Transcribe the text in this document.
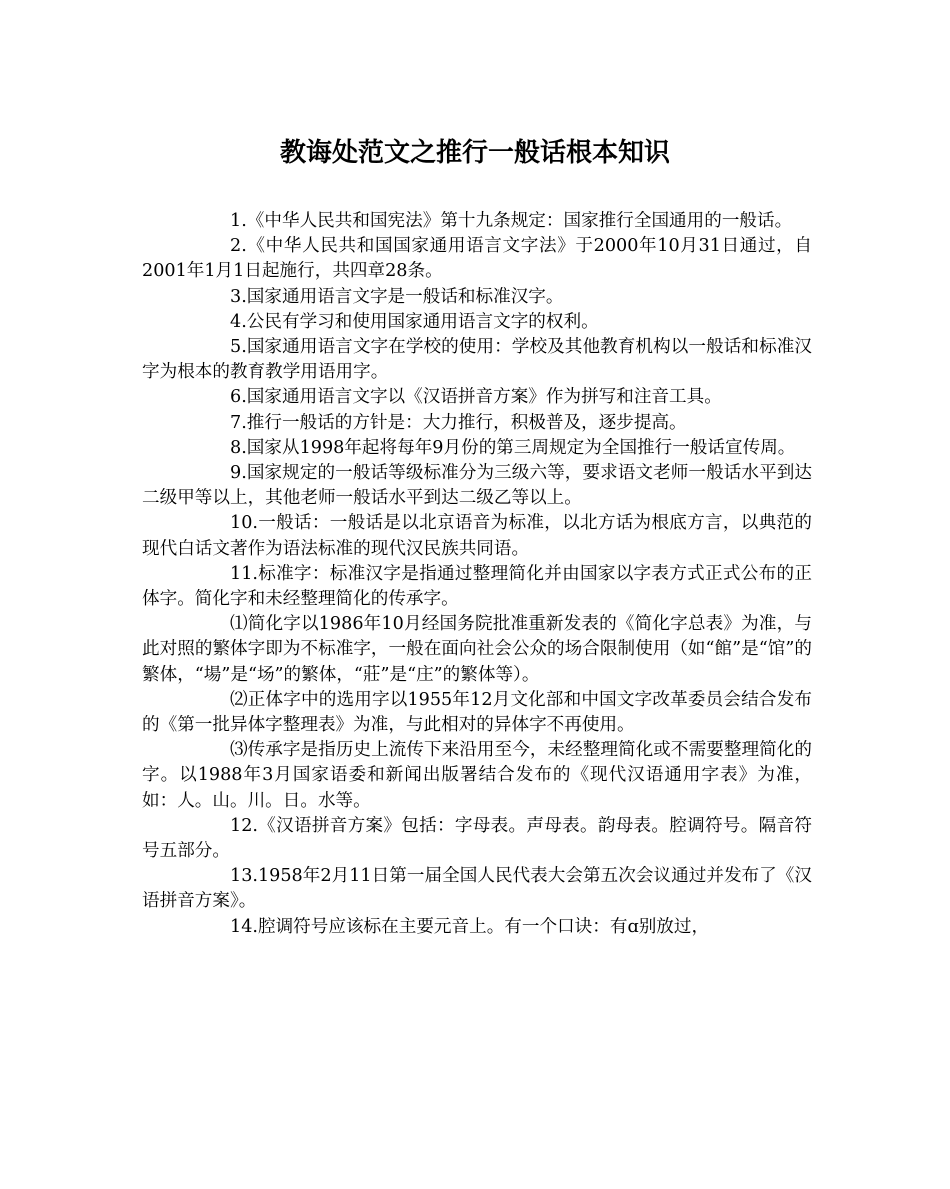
教诲处范文之推行一般话根本知识

1.《中华人民共和国宪法》第十九条规定：国家推行全国通用的一般话。

2.《中华人民共和国国家通用语言文字法》于2000年10月31日通过，自2001年1月1日起施行，共四章28条。

3.国家通用语言文字是一般话和标准汉字。

4.公民有学习和使用国家通用语言文字的权利。

5.国家通用语言文字在学校的使用：学校及其他教育机构以一般话和标准汉字为根本的教育教学用语用字。

6.国家通用语言文字以《汉语拼音方案》作为拼写和注音工具。

7.推行一般话的方针是：大力推行，积极普及，逐步提高。

8.国家从1998年起将每年9月份的第三周规定为全国推行一般话宣传周。

9.国家规定的一般话等级标准分为三级六等，要求语文老师一般话水平到达二级甲等以上，其他老师一般话水平到达二级乙等以上。

10.一般话：一般话是以北京语音为标准，以北方话为根底方言，以典范的现代白话文著作为语法标准的现代汉民族共同语。

11.标准字：标准汉字是指通过整理简化并由国家以字表方式正式公布的正体字。简化字和未经整理简化的传承字。

⑴简化字以1986年10月经国务院批准重新发表的《简化字总表》为准，与此对照的繁体字即为不标准字，一般在面向社会公众的场合限制使用（如“館”是“馆”的繁体，“場”是“场”的繁体，“莊”是“庄”的繁体等）。

⑵正体字中的选用字以1955年12月文化部和中国文字改革委员会结合发布的《第一批异体字整理表》为准，与此相对的异体字不再使用。

⑶传承字是指历史上流传下来沿用至今，未经整理简化或不需要整理简化的字。以1988年3月国家语委和新闻出版署结合发布的《现代汉语通用字表》为准，如：人。山。川。日。水等。

12.《汉语拼音方案》包括：字母表。声母表。韵母表。腔调符号。隔音符号五部分。

13.1958年2月11日第一届全国人民代表大会第五次会议通过并发布了《汉语拼音方案》。

14.腔调符号应该标在主要元音上。有一个口诀：有ɑ别放过，
